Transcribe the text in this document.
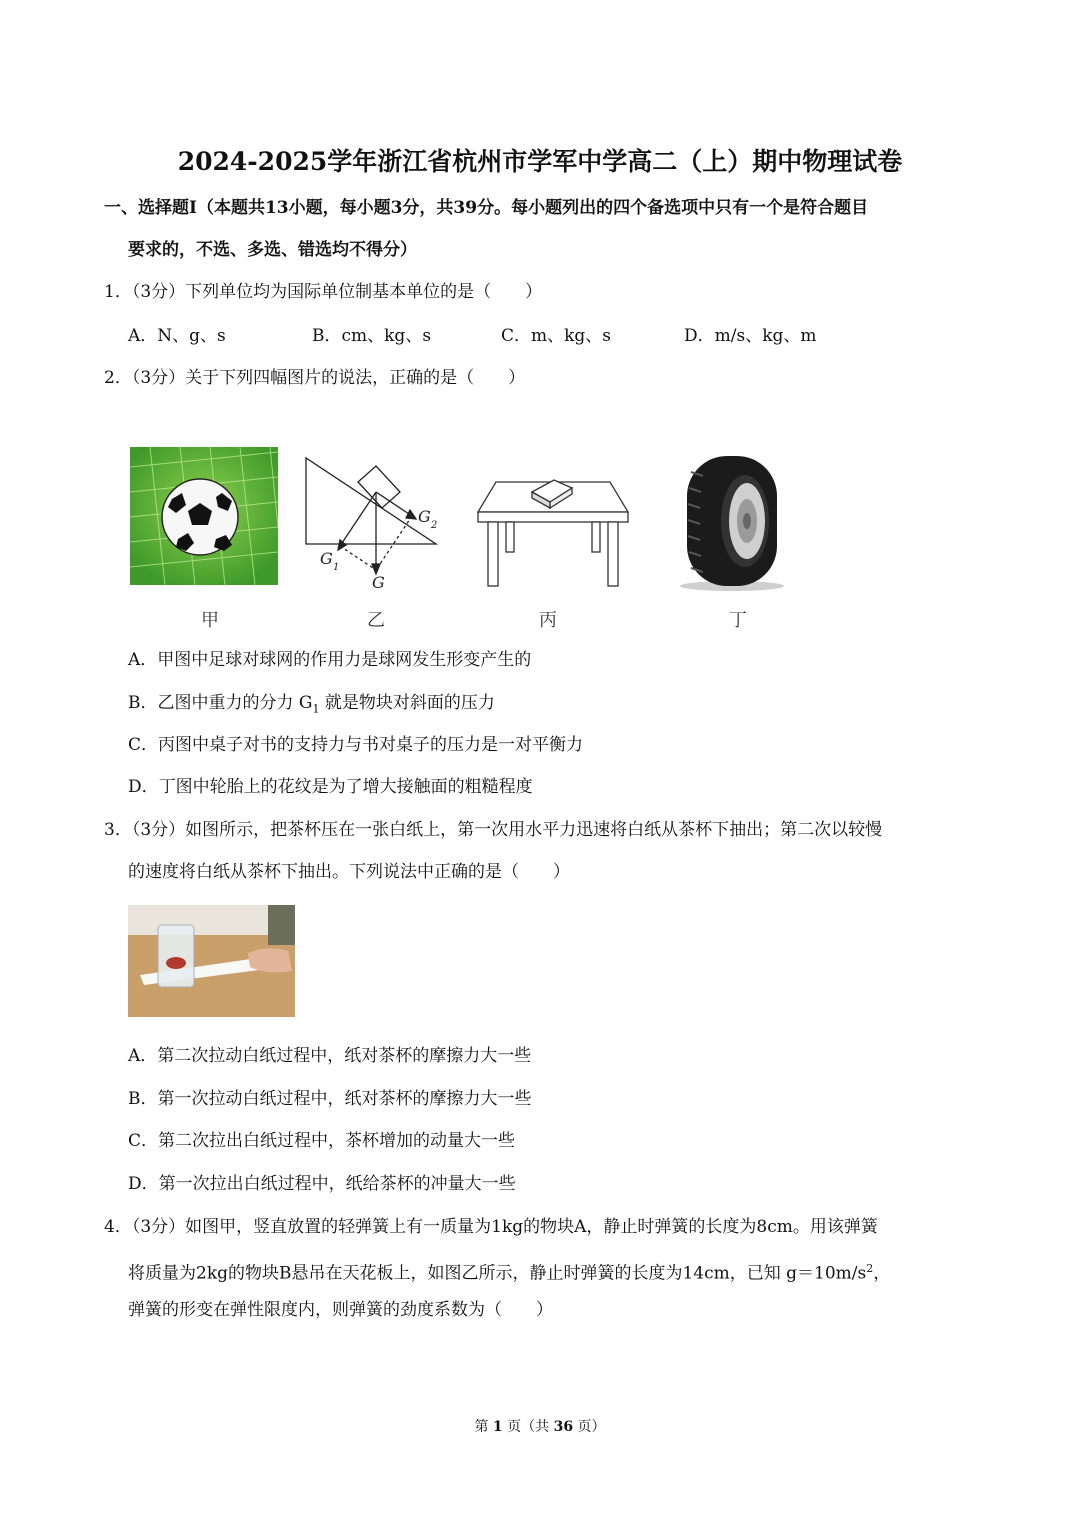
2024-2025学年浙江省杭州市学军中学高二（上）期中物理试卷
一、选择题I（本题共13小题，每小题3分，共39分。每小题列出的四个备选项中只有一个是符合题目
要求的，不选、多选、错选均不得分）
1．（3分）下列单位均为国际单位制基本单位的是（　　）
A．N、g、s	B．cm、kg、s	C．m、kg、s	D．m/s、kg、m
2．（3分）关于下列四幅图片的说法，正确的是（　　）
G 2
G 1
G
甲	乙	丙	丁
A．甲图中足球对球网的作用力是球网发生形变产生的
B．乙图中重力的分力 $G_1$ 就是物块对斜面的压力
C．丙图中桌子对书的支持力与书对桌子的压力是一对平衡力
D．丁图中轮胎上的花纹是为了增大接触面的粗糙程度
3．（3分）如图所示，把茶杯压在一张白纸上，第一次用水平力迅速将白纸从茶杯下抽出；第二次以较慢
的速度将白纸从茶杯下抽出。下列说法中正确的是（　　）
A．第二次拉动白纸过程中，纸对茶杯的摩擦力大一些
B．第一次拉动白纸过程中，纸对茶杯的摩擦力大一些
C．第二次拉出白纸过程中，茶杯增加的动量大一些
D．第一次拉出白纸过程中，纸给茶杯的冲量大一些
4．（3分）如图甲，竖直放置的轻弹簧上有一质量为1kg的物块A，静止时弹簧的长度为8cm。用该弹簧
将质量为2kg的物块B悬吊在天花板上，如图乙所示，静止时弹簧的长度为14cm，已知 $g=10m/s^2$，
弹簧的形变在弹性限度内，则弹簧的劲度系数为（　　）
第 1 页（共 36 页）
